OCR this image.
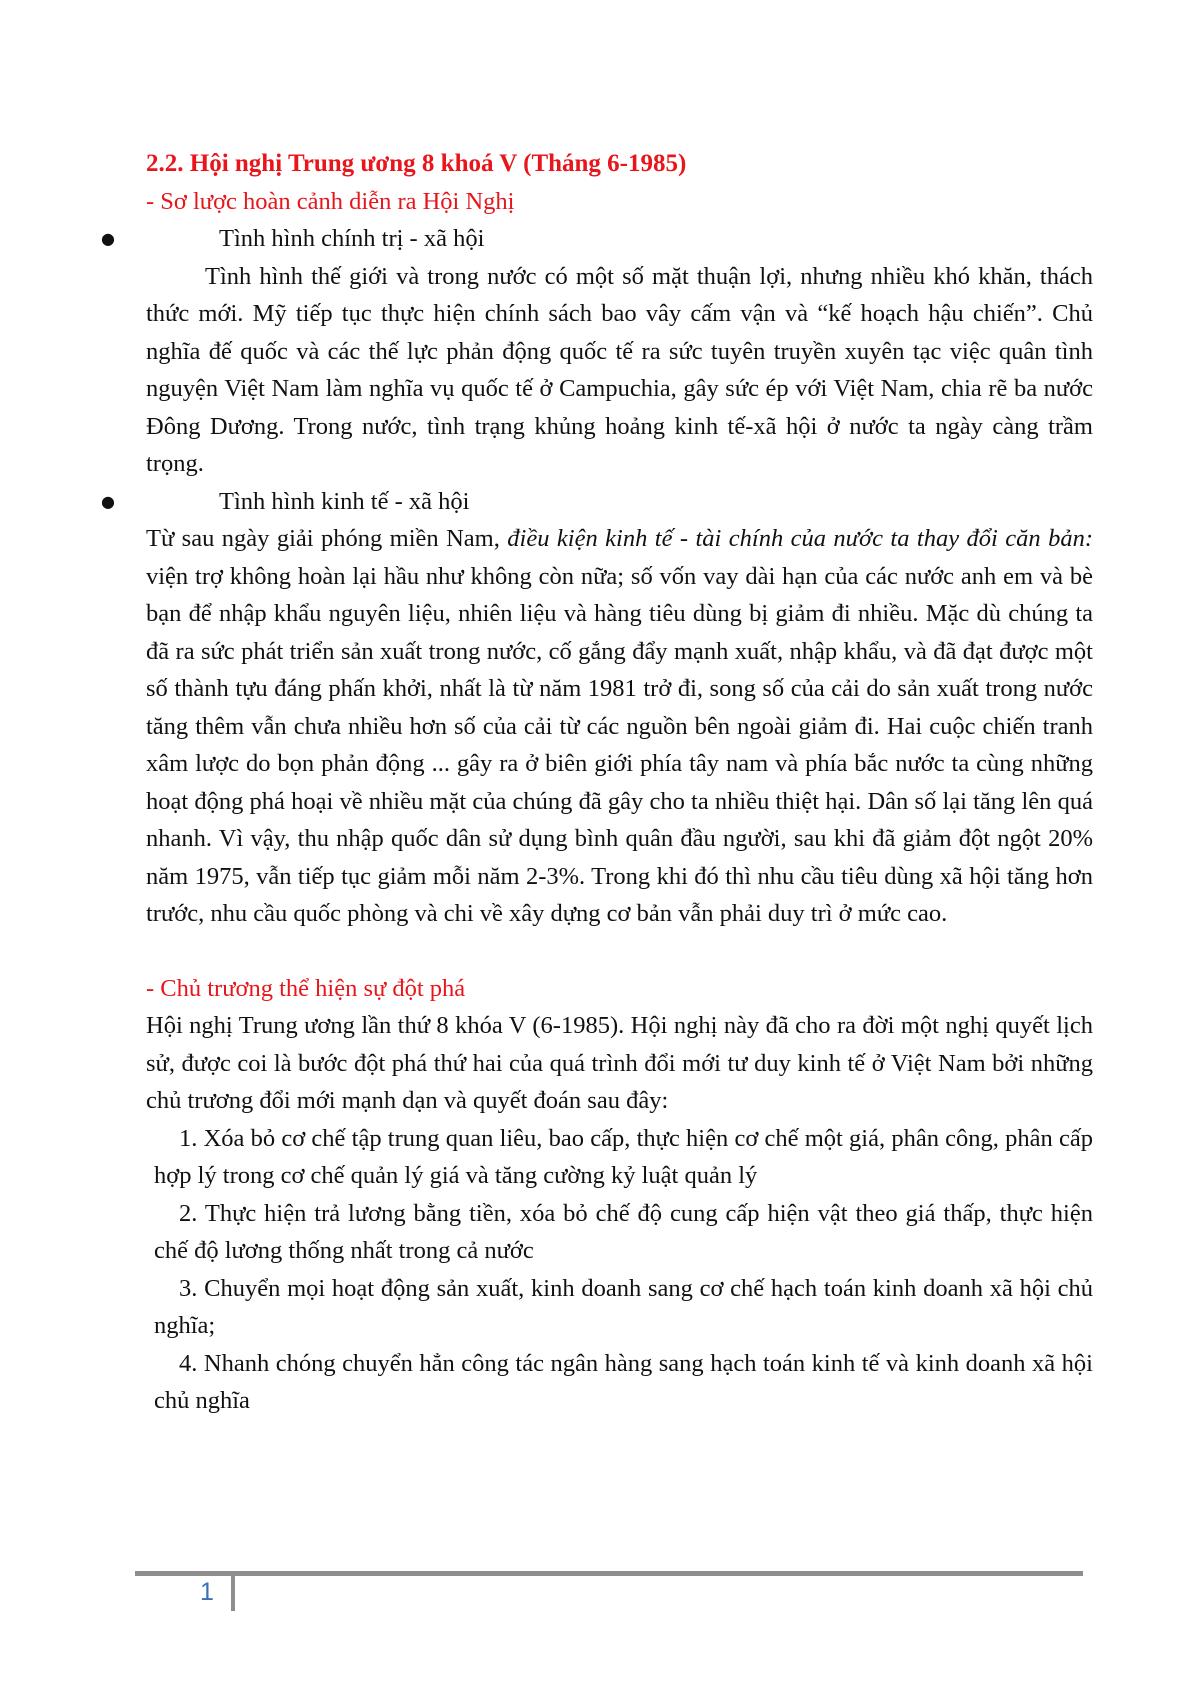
2.2. Hội nghị Trung ương 8 khoá V (Tháng 6-1985)

- Sơ lược hoàn cảnh diễn ra Hội Nghị

●	Tình hình chính trị - xã hội

Tình hình thế giới và trong nước có một số mặt thuận lợi, nhưng nhiều khó khăn, thách thức mới. Mỹ tiếp tục thực hiện chính sách bao vây cấm vận và “kế hoạch hậu chiến”. Chủ nghĩa đế quốc và các thế lực phản động quốc tế ra sức tuyên truyền xuyên tạc việc quân tình nguyện Việt Nam làm nghĩa vụ quốc tế ở Campuchia, gây sức ép với Việt Nam, chia rẽ ba nước Đông Dương. Trong nước, tình trạng khủng hoảng kinh tế-xã hội ở nước ta ngày càng trầm trọng.

●	Tình hình kinh tế - xã hội

Từ sau ngày giải phóng miền Nam, điều kiện kinh tế - tài chính của nước ta thay đổi căn bản: viện trợ không hoàn lại hầu như không còn nữa; số vốn vay dài hạn của các nước anh em và bè bạn để nhập khẩu nguyên liệu, nhiên liệu và hàng tiêu dùng bị giảm đi nhiều. Mặc dù chúng ta đã ra sức phát triển sản xuất trong nước, cố gắng đẩy mạnh xuất, nhập khẩu, và đã đạt được một số thành tựu đáng phấn khởi, nhất là từ năm 1981 trở đi, song số của cải do sản xuất trong nước tăng thêm vẫn chưa nhiều hơn số của cải từ các nguồn bên ngoài giảm đi. Hai cuộc chiến tranh xâm lược do bọn phản động ... gây ra ở biên giới phía tây nam và phía bắc nước ta cùng những hoạt động phá hoại về nhiều mặt của chúng đã gây cho ta nhiều thiệt hại. Dân số lại tăng lên quá nhanh. Vì vậy, thu nhập quốc dân sử dụng bình quân đầu người, sau khi đã giảm đột ngột 20% năm 1975, vẫn tiếp tục giảm mỗi năm 2-3%. Trong khi đó thì nhu cầu tiêu dùng xã hội tăng hơn trước, nhu cầu quốc phòng và chi về xây dựng cơ bản vẫn phải duy trì ở mức cao.

- Chủ trương thể hiện sự đột phá

Hội nghị Trung ương lần thứ 8 khóa V (6-1985). Hội nghị này đã cho ra đời một nghị quyết lịch sử, được coi là bước đột phá thứ hai của quá trình đổi mới tư duy kinh tế ở Việt Nam bởi những chủ trương đổi mới mạnh dạn và quyết đoán sau đây:

1. Xóa bỏ cơ chế tập trung quan liêu, bao cấp, thực hiện cơ chế một giá, phân công, phân cấp hợp lý trong cơ chế quản lý giá và tăng cường kỷ luật quản lý
2. Thực hiện trả lương bằng tiền, xóa bỏ chế độ cung cấp hiện vật theo giá thấp, thực hiện chế độ lương thống nhất trong cả nước
3. Chuyển mọi hoạt động sản xuất, kinh doanh sang cơ chế hạch toán kinh doanh xã hội chủ nghĩa;
4. Nhanh chóng chuyển hẳn công tác ngân hàng sang hạch toán kinh tế và kinh doanh xã hội chủ nghĩa
1
